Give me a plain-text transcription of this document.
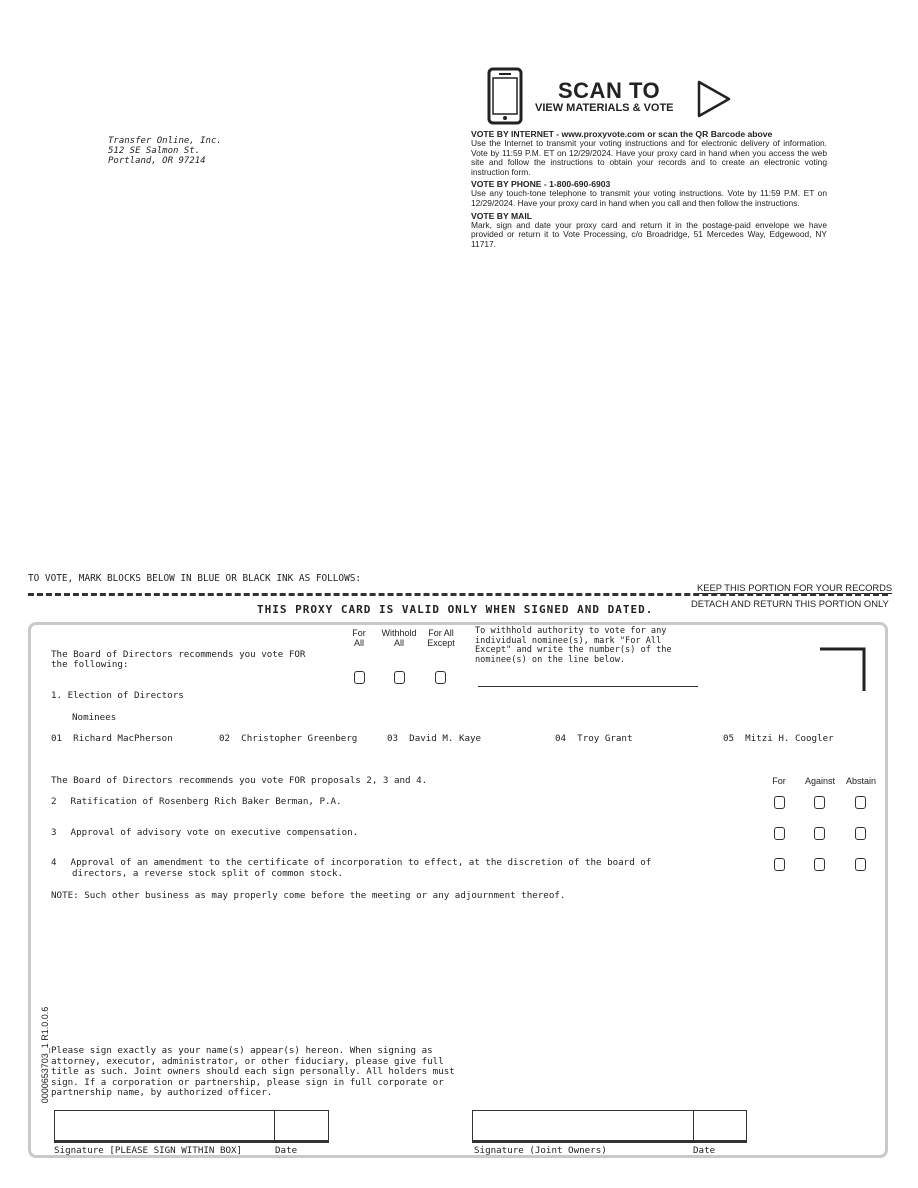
Transfer Online, Inc.
512 SE Salmon St.
Portland, OR 97214
SCAN TO
VIEW MATERIALS & VOTE
VOTE BY INTERNET - www.proxyvote.com or scan the QR Barcode above

Use the Internet to transmit your voting instructions and for electronic delivery of information. Vote by 11:59 P.M. ET on 12/29/2024. Have your proxy card in hand when you access the web site and follow the instructions to obtain your records and to create an electronic voting instruction form.

VOTE BY PHONE - 1-800-690-6903

Use any touch-tone telephone to transmit your voting instructions. Vote by 11:59 P.M. ET on 12/29/2024. Have your proxy card in hand when you call and then follow the instructions.

VOTE BY MAIL

Mark, sign and date your proxy card and return it in the postage-paid envelope we have provided or return it to Vote Processing, c/o Broadridge, 51 Mercedes Way, Edgewood, NY 11717.

TO VOTE, MARK BLOCKS BELOW IN BLUE OR BLACK INK AS FOLLOWS:
KEEP THIS PORTION FOR YOUR RECORDS
DETACH AND RETURN THIS PORTION ONLY
THIS PROXY CARD IS VALID ONLY WHEN SIGNED AND DATED.
The Board of Directors recommends you vote FOR
the following:
For
All
Withhold
All
For All
Except
To withhold authority to vote for any
individual nominee(s), mark "For All
Except" and write the number(s) of the
nominee(s) on the line below.
1. Election of Directors
Nominees
01 Richard MacPherson	02 Christopher Greenberg	03 David M. Kaye	04 Troy Grant	05 Mitzi H. Coogler
The Board of Directors recommends you vote FOR proposals 2, 3 and 4.	For	Against	Abstain
2 Ratification of Rosenberg Rich Baker Berman, P.A.
3 Approval of advisory vote on executive compensation.
4 Approval of an amendment to the certificate of incorporation to effect, at the discretion of the board of
directors, a reverse stock split of common stock.
NOTE: Such other business as may properly come before the meeting or any adjournment thereof.
Please sign exactly as your name(s) appear(s) hereon. When signing as
attorney, executor, administrator, or other fiduciary, please give full
title as such. Joint owners should each sign personally. All holders must
sign. If a corporation or partnership, please sign in full corporate or
partnership name, by authorized officer.
Signature [PLEASE SIGN WITHIN BOX]	Date	Signature (Joint Owners)	Date
0000653703_1 R1.0.0.6
